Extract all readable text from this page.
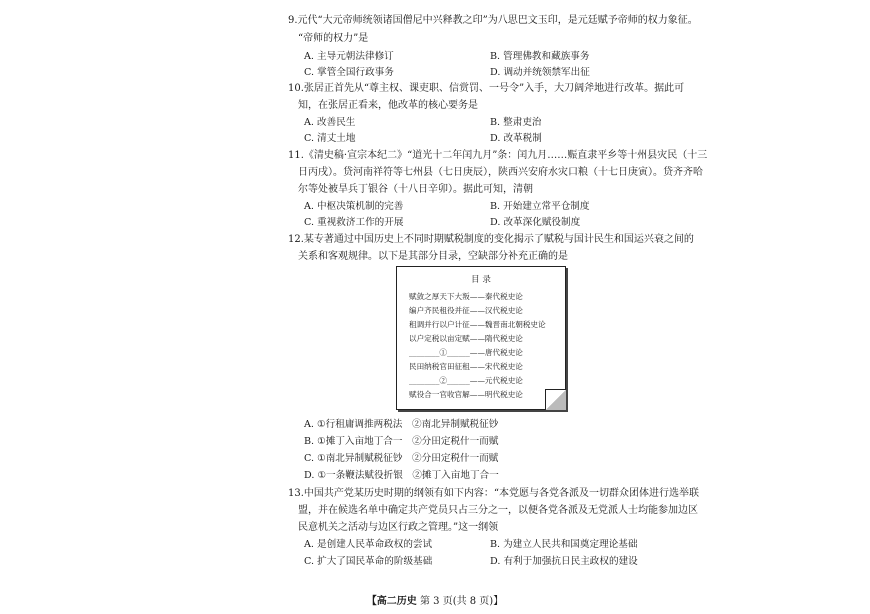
9.元代“大元帝师统领诸国僧尼中兴释教之印”为八思巴文玉印，是元廷赋予帝师的权力象征。
“帝师的权力”是
A. 主导元朝法律修订	B. 管理佛教和藏族事务
C. 掌管全国行政事务	D. 调动并统领禁军出征
10.张居正首先从“尊主权、课吏职、信赏罚、一号令”入手，大刀阔斧地进行改革。据此可
知，在张居正看来，他改革的核心要务是
A. 改善民生	B. 整肃吏治
C. 清丈土地	D. 改革税制
11.《清史稿·宣宗本纪二》“道光十二年闰九月”条：闰九月……赈直隶平乡等十州县灾民（十三
日丙戌）。贷河南祥符等七州县（七日庚辰），陕西兴安府水灾口粮（十七日庚寅）。贷齐齐哈
尔等处被旱兵丁银谷（十八日辛卯）。据此可知，清朝
A. 中枢决策机制的完善	B. 开始建立常平仓制度
C. 重视救济工作的开展	D. 改革深化赋役制度
12.某专著通过中国历史上不同时期赋税制度的变化揭示了赋税与国计民生和国运兴衰之间的
关系和客观规律。以下是其部分目录，空缺部分补充正确的是
目 录
赋敛之厚天下大叛——秦代税史论
编户齐民租役并征——汉代税史论
租调并行以户计征——魏晋南北朝税史论
以户定税以亩定赋——隋代税史论
________①______——唐代税史论
民田纳税官田征租——宋代税史论
________②______——元代税史论
赋役合一官收官解——明代税史论
A. ①行租庸调推两税法　②南北异制赋税征钞
B. ①摊丁入亩地丁合一　②分田定税什一而赋
C. ①南北异制赋税征钞　②分田定税什一而赋
D. ①一条鞭法赋役折银　②摊丁入亩地丁合一
13.中国共产党某历史时期的纲领有如下内容：“本党愿与各党各派及一切群众团体进行选举联
盟，并在候选名单中确定共产党员只占三分之一，以便各党各派及无党派人士均能参加边区
民意机关之活动与边区行政之管理。”这一纲领
A. 是创建人民革命政权的尝试	B. 为建立人民共和国奠定理论基础
C. 扩大了国民革命的阶级基础	D. 有利于加强抗日民主政权的建设
【高二历史 第 3 页(共 8 页)】
